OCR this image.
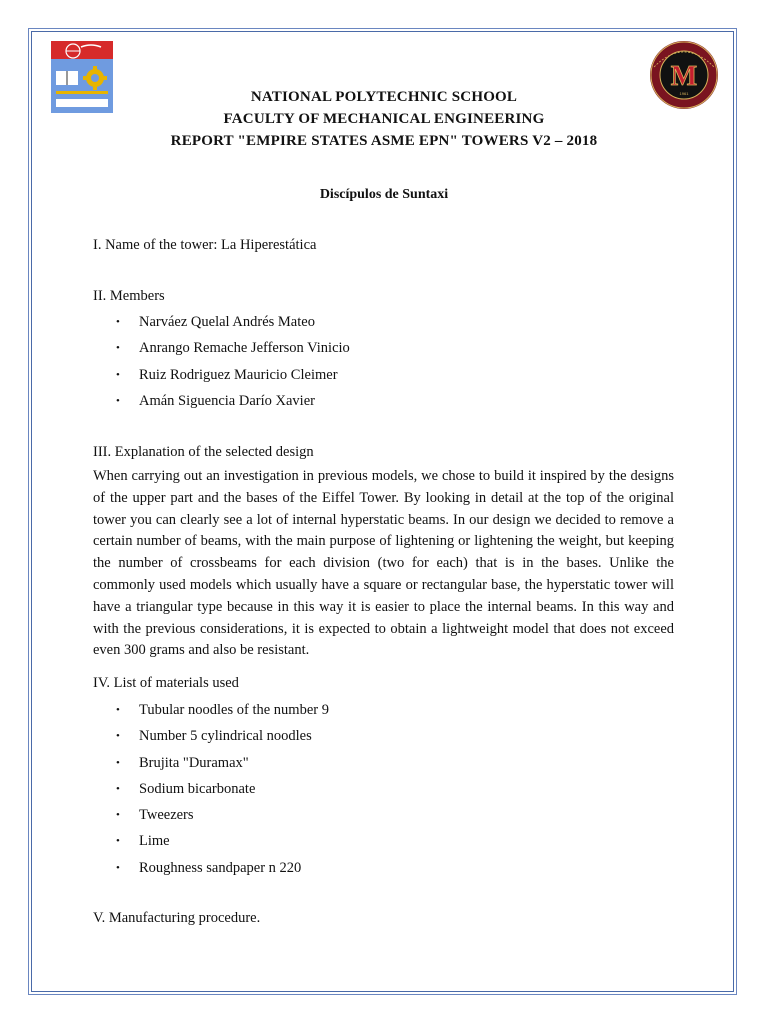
M
1961
NATIONAL POLYTECHNIC SCHOOL
FACULTY OF MECHANICAL ENGINEERING
REPORT "EMPIRE STATES ASME EPN" TOWERS V2 – 2018
Discípulos de Suntaxi
I. Name of the tower: La Hiperestática
II. Members
• Narváez Quelal Andrés Mateo
• Anrango Remache Jefferson Vinicio
• Ruiz Rodriguez Mauricio Cleimer
• Amán Siguencia Darío Xavier
III. Explanation of the selected design
When carrying out an investigation in previous models, we chose to build it inspired by the designs of the upper part and the bases of the Eiffel Tower. By looking in detail at the top of the original tower you can clearly see a lot of internal hyperstatic beams. In our design we decided to remove a certain number of beams, with the main purpose of lightening or lightening the weight, but keeping the number of crossbeams for each division (two for each) that is in the bases. Unlike the commonly used models which usually have a square or rectangular base, the hyperstatic tower will have a triangular type because in this way it is easier to place the internal beams. In this way and with the previous considerations, it is expected to obtain a lightweight model that does not exceed even 300 grams and also be resistant.
IV. List of materials used
• Tubular noodles of the number 9
• Number 5 cylindrical noodles
• Brujita "Duramax"
• Sodium bicarbonate
• Tweezers
• Lime
• Roughness sandpaper n 220
V. Manufacturing procedure.
